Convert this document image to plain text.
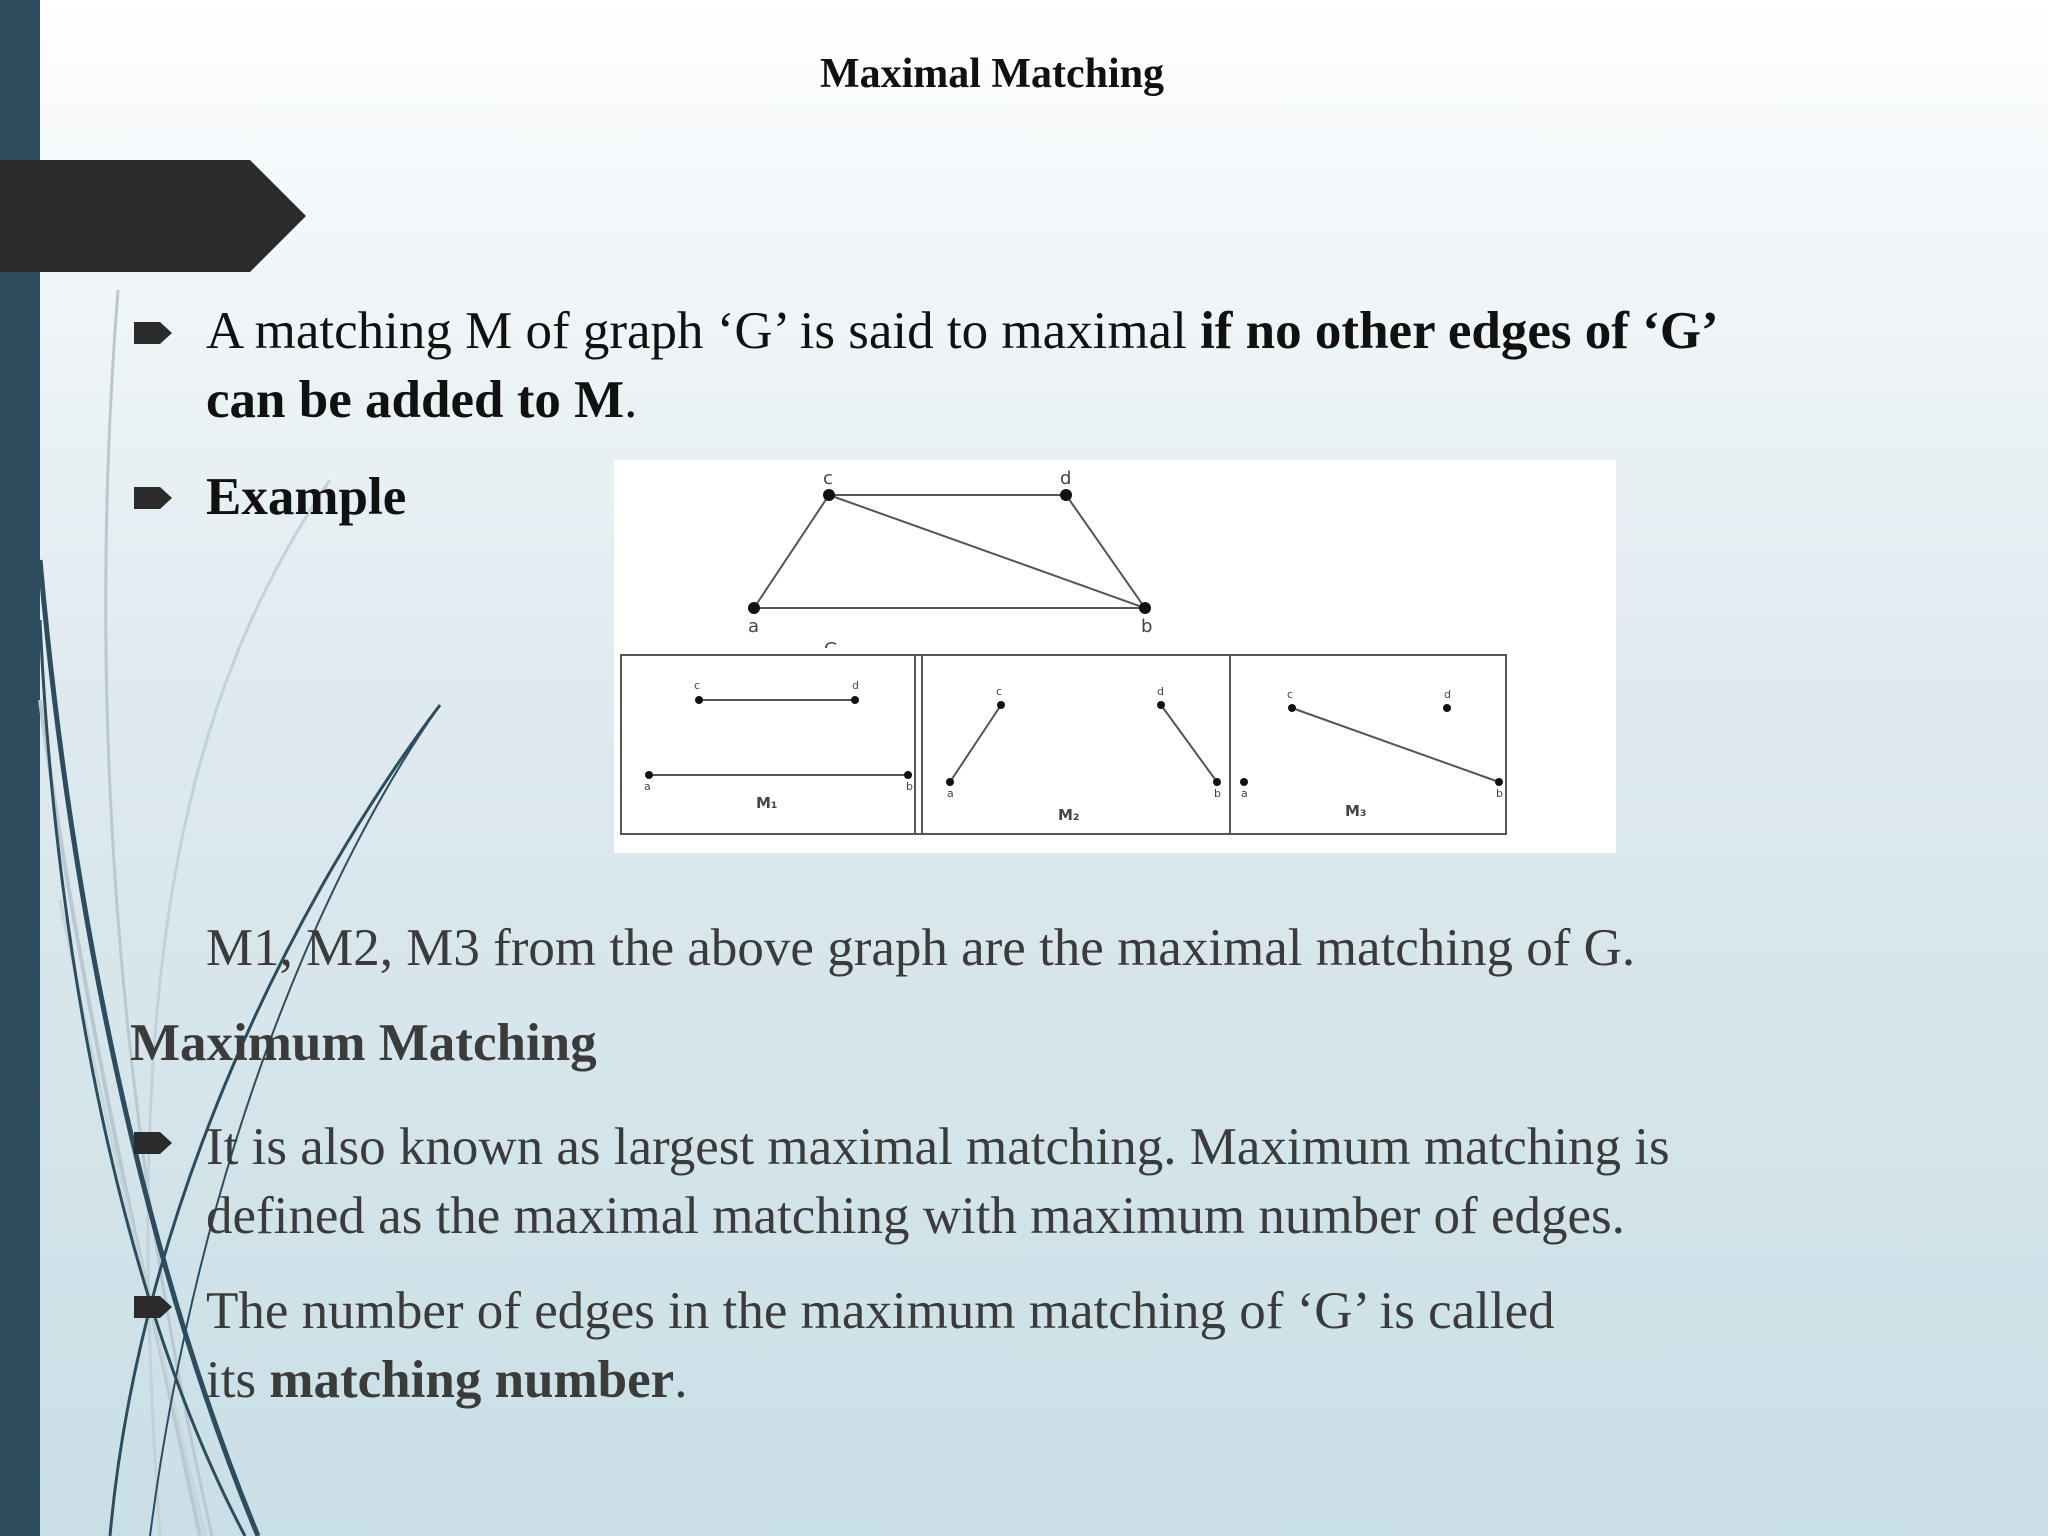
Maximal Matching
A matching M of graph ‘G’ is said to maximal if no other edges of ‘G’
can be added to M.
Example	c	d
a	b
c	d
a	b
M₁
c	d
a	b
M₂
c	d
a	b
M₃
M1, M2, M3 from the above graph are the maximal matching of G.
Maximum Matching
It is also known as largest maximal matching. Maximum matching is
defined as the maximal matching with maximum number of edges.
The number of edges in the maximum matching of ‘G’ is called
its matching number.
